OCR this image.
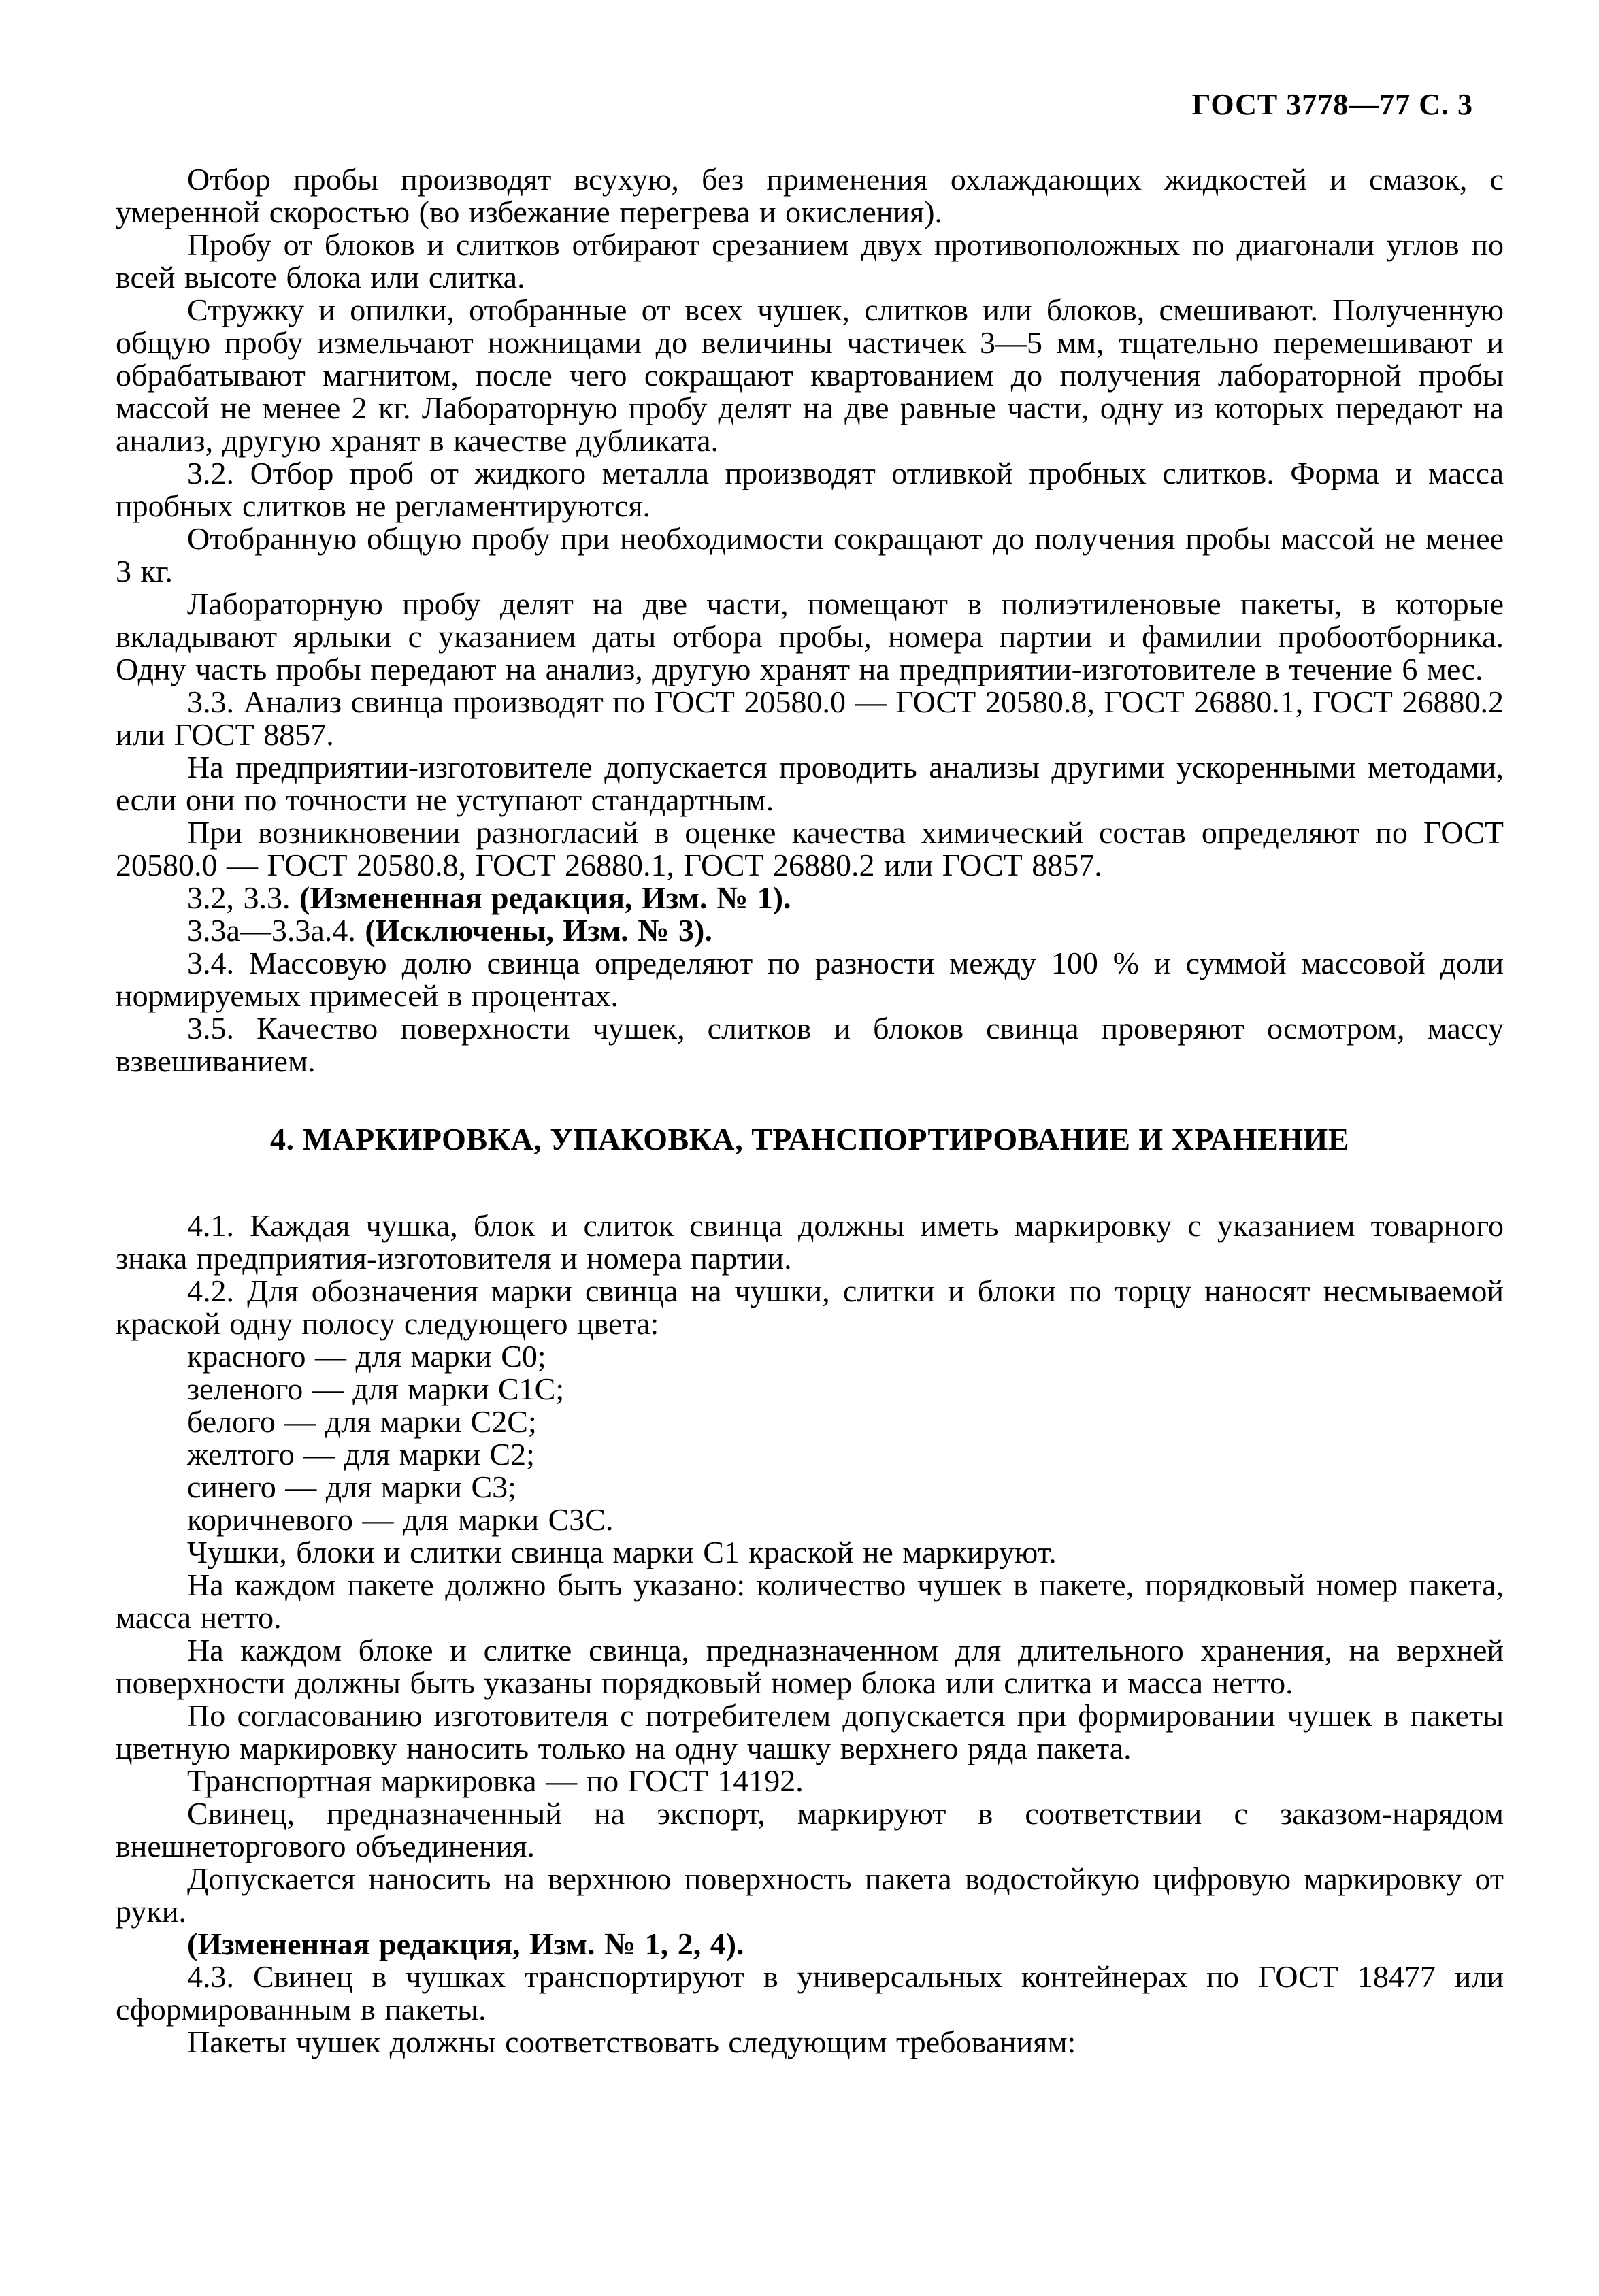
ГОСТ 3778—77 С. 3

Отбор пробы производят всухую, без применения охлаждающих жидкостей и смазок, с умеренной скоростью (во избежание перегрева и окисления).

Пробу от блоков и слитков отбирают срезанием двух противоположных по диагонали углов по всей высоте блока или слитка.

Стружку и опилки, отобранные от всех чушек, слитков или блоков, смешивают. Полученную общую пробу измельчают ножницами до величины частичек 3—5 мм, тщательно перемешивают и обрабатывают магнитом, после чего сокращают квартованием до получения лабораторной пробы массой не менее 2 кг. Лабораторную пробу делят на две равные части, одну из которых передают на анализ, другую хранят в качестве дубликата.

3.2. Отбор проб от жидкого металла производят отливкой пробных слитков. Форма и масса пробных слитков не регламентируются.

Отобранную общую пробу при необходимости сокращают до получения пробы массой не менее 3 кг.

Лабораторную пробу делят на две части, помещают в полиэтиленовые пакеты, в которые вкладывают ярлыки с указанием даты отбора пробы, номера партии и фамилии пробоотборника. Одну часть пробы передают на анализ, другую хранят на предприятии-изготовителе в течение 6 мес.

3.3. Анализ свинца производят по ГОСТ 20580.0 — ГОСТ 20580.8, ГОСТ 26880.1, ГОСТ 26880.2 или ГОСТ 8857.

На предприятии-изготовителе допускается проводить анализы другими ускоренными методами, если они по точности не уступают стандартным.

При возникновении разногласий в оценке качества химический состав определяют по ГОСТ 20580.0 — ГОСТ 20580.8, ГОСТ 26880.1, ГОСТ 26880.2 или ГОСТ 8857.

3.2, 3.3. (Измененная редакция, Изм. № 1).

3.3а—3.3а.4. (Исключены, Изм. № 3).

3.4. Массовую долю свинца определяют по разности между 100 % и суммой массовой доли нормируемых примесей в процентах.

3.5. Качество поверхности чушек, слитков и блоков свинца проверяют осмотром, массу взвешиванием.

4. МАРКИРОВКА, УПАКОВКА, ТРАНСПОРТИРОВАНИЕ И ХРАНЕНИЕ

4.1. Каждая чушка, блок и слиток свинца должны иметь маркировку с указанием товарного знака предприятия-изготовителя и номера партии.

4.2. Для обозначения марки свинца на чушки, слитки и блоки по торцу наносят несмываемой краской одну полосу следующего цвета:

красного — для марки С0;

зеленого — для марки С1С;

белого — для марки С2С;

желтого — для марки С2;

синего — для марки С3;

коричневого — для марки С3С.

Чушки, блоки и слитки свинца марки С1 краской не маркируют.

На каждом пакете должно быть указано: количество чушек в пакете, порядковый номер пакета, масса нетто.

На каждом блоке и слитке свинца, предназначенном для длительного хранения, на верхней поверхности должны быть указаны порядковый номер блока или слитка и масса нетто.

По согласованию изготовителя с потребителем допускается при формировании чушек в пакеты цветную маркировку наносить только на одну чашку верхнего ряда пакета.

Транспортная маркировка — по ГОСТ 14192.

Свинец, предназначенный на экспорт, маркируют в соответствии с заказом-нарядом внешнеторгового объединения.

Допускается наносить на верхнюю поверхность пакета водостойкую цифровую маркировку от руки.

(Измененная редакция, Изм. № 1, 2, 4).

4.3. Свинец в чушках транспортируют в универсальных контейнерах по ГОСТ 18477 или сформированным в пакеты.

Пакеты чушек должны соответствовать следующим требованиям:
